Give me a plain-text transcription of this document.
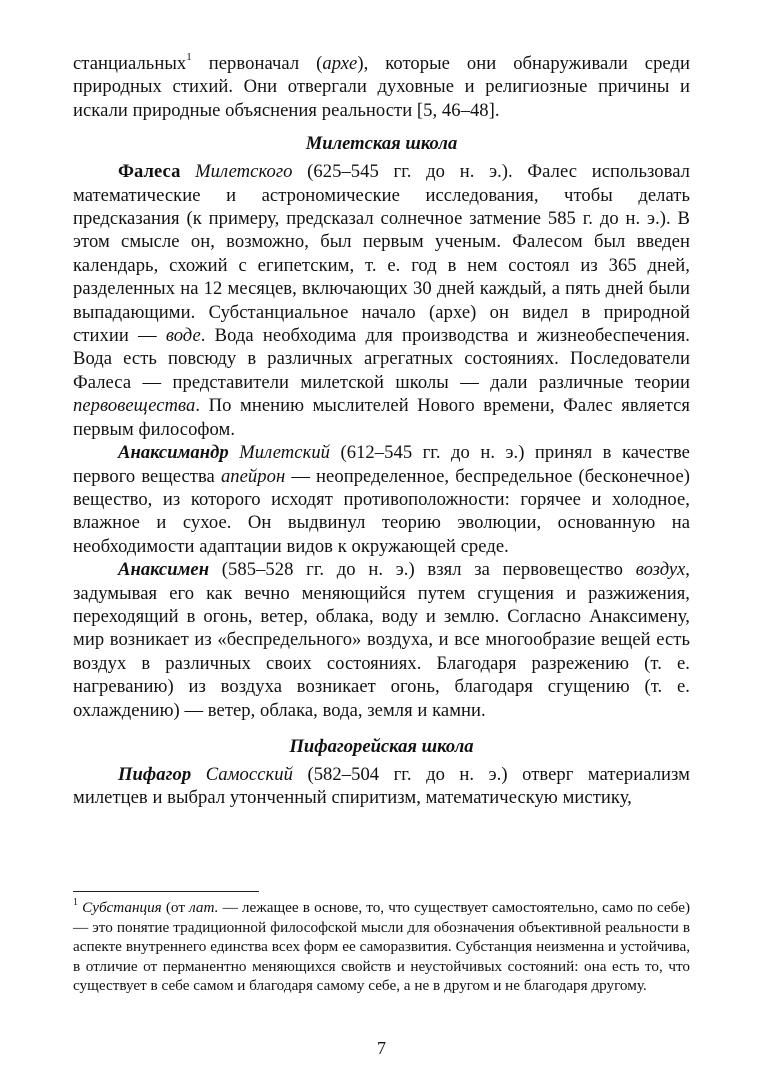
станциальных$^1$ первоначал (архе), которые они обнаруживали среди природных стихий. Они отвергали духовные и религиозные причины и искали природные объяснения реальности [5, 46–48].

Милетская школа

Фалеса Милетского (625–545 гг. до н. э.). Фалес использовал математические и астрономические исследования, чтобы делать предсказания (к примеру, предсказал солнечное затмение 585 г. до н. э.). В этом смысле он, возможно, был первым ученым. Фалесом был введен календарь, схожий с египетским, т. е. год в нем состоял из 365 дней, разделенных на 12 месяцев, включающих 30 дней каждый, а пять дней были выпадающими. Субстанциальное начало (архе) он видел в природной стихии — воде. Вода необходима для производства и жизнеобеспечения. Вода есть повсюду в различных агрегатных состояниях. Последователи Фалеса — представители милетской школы — дали различные теории первовещества. По мнению мыслителей Нового времени, Фалес является первым философом.

Анаксимандр Милетский (612–545 гг. до н. э.) принял в качестве первого вещества апейрон — неопределенное, беспредельное (бесконечное) вещество, из которого исходят противоположности: горячее и холодное, влажное и сухое. Он выдвинул теорию эволюции, основанную на необходимости адаптации видов к окружающей среде.

Анаксимен (585–528 гг. до н. э.) взял за первовещество воздух, задумывая его как вечно меняющийся путем сгущения и разжижения, переходящий в огонь, ветер, облака, воду и землю. Согласно Анаксимену, мир возникает из «беспредельного» воздуха, и все многообразие вещей есть воздух в различных своих состояниях. Благодаря разрежению (т. е. нагреванию) из воздуха возникает огонь, благодаря сгущению (т. е. охлаждению) — ветер, облака, вода, земля и камни.

Пифагорейская школа

Пифагор Самосский (582–504 гг. до н. э.) отверг материализм милетцев и выбрал утонченный спиритизм, математическую мистику,

$^1$ Субстанция (от лат. — лежащее в основе, то, что существует самостоятельно, само по себе) — это понятие традиционной философской мысли для обозначения объективной реальности в аспекте внутреннего единства всех форм ее саморазвития. Субстанция неизменна и устойчива, в отличие от перманентно меняющихся свойств и неустойчивых состояний: она есть то, что существует в себе самом и благодаря самому себе, а не в другом и не благодаря другому.

7
